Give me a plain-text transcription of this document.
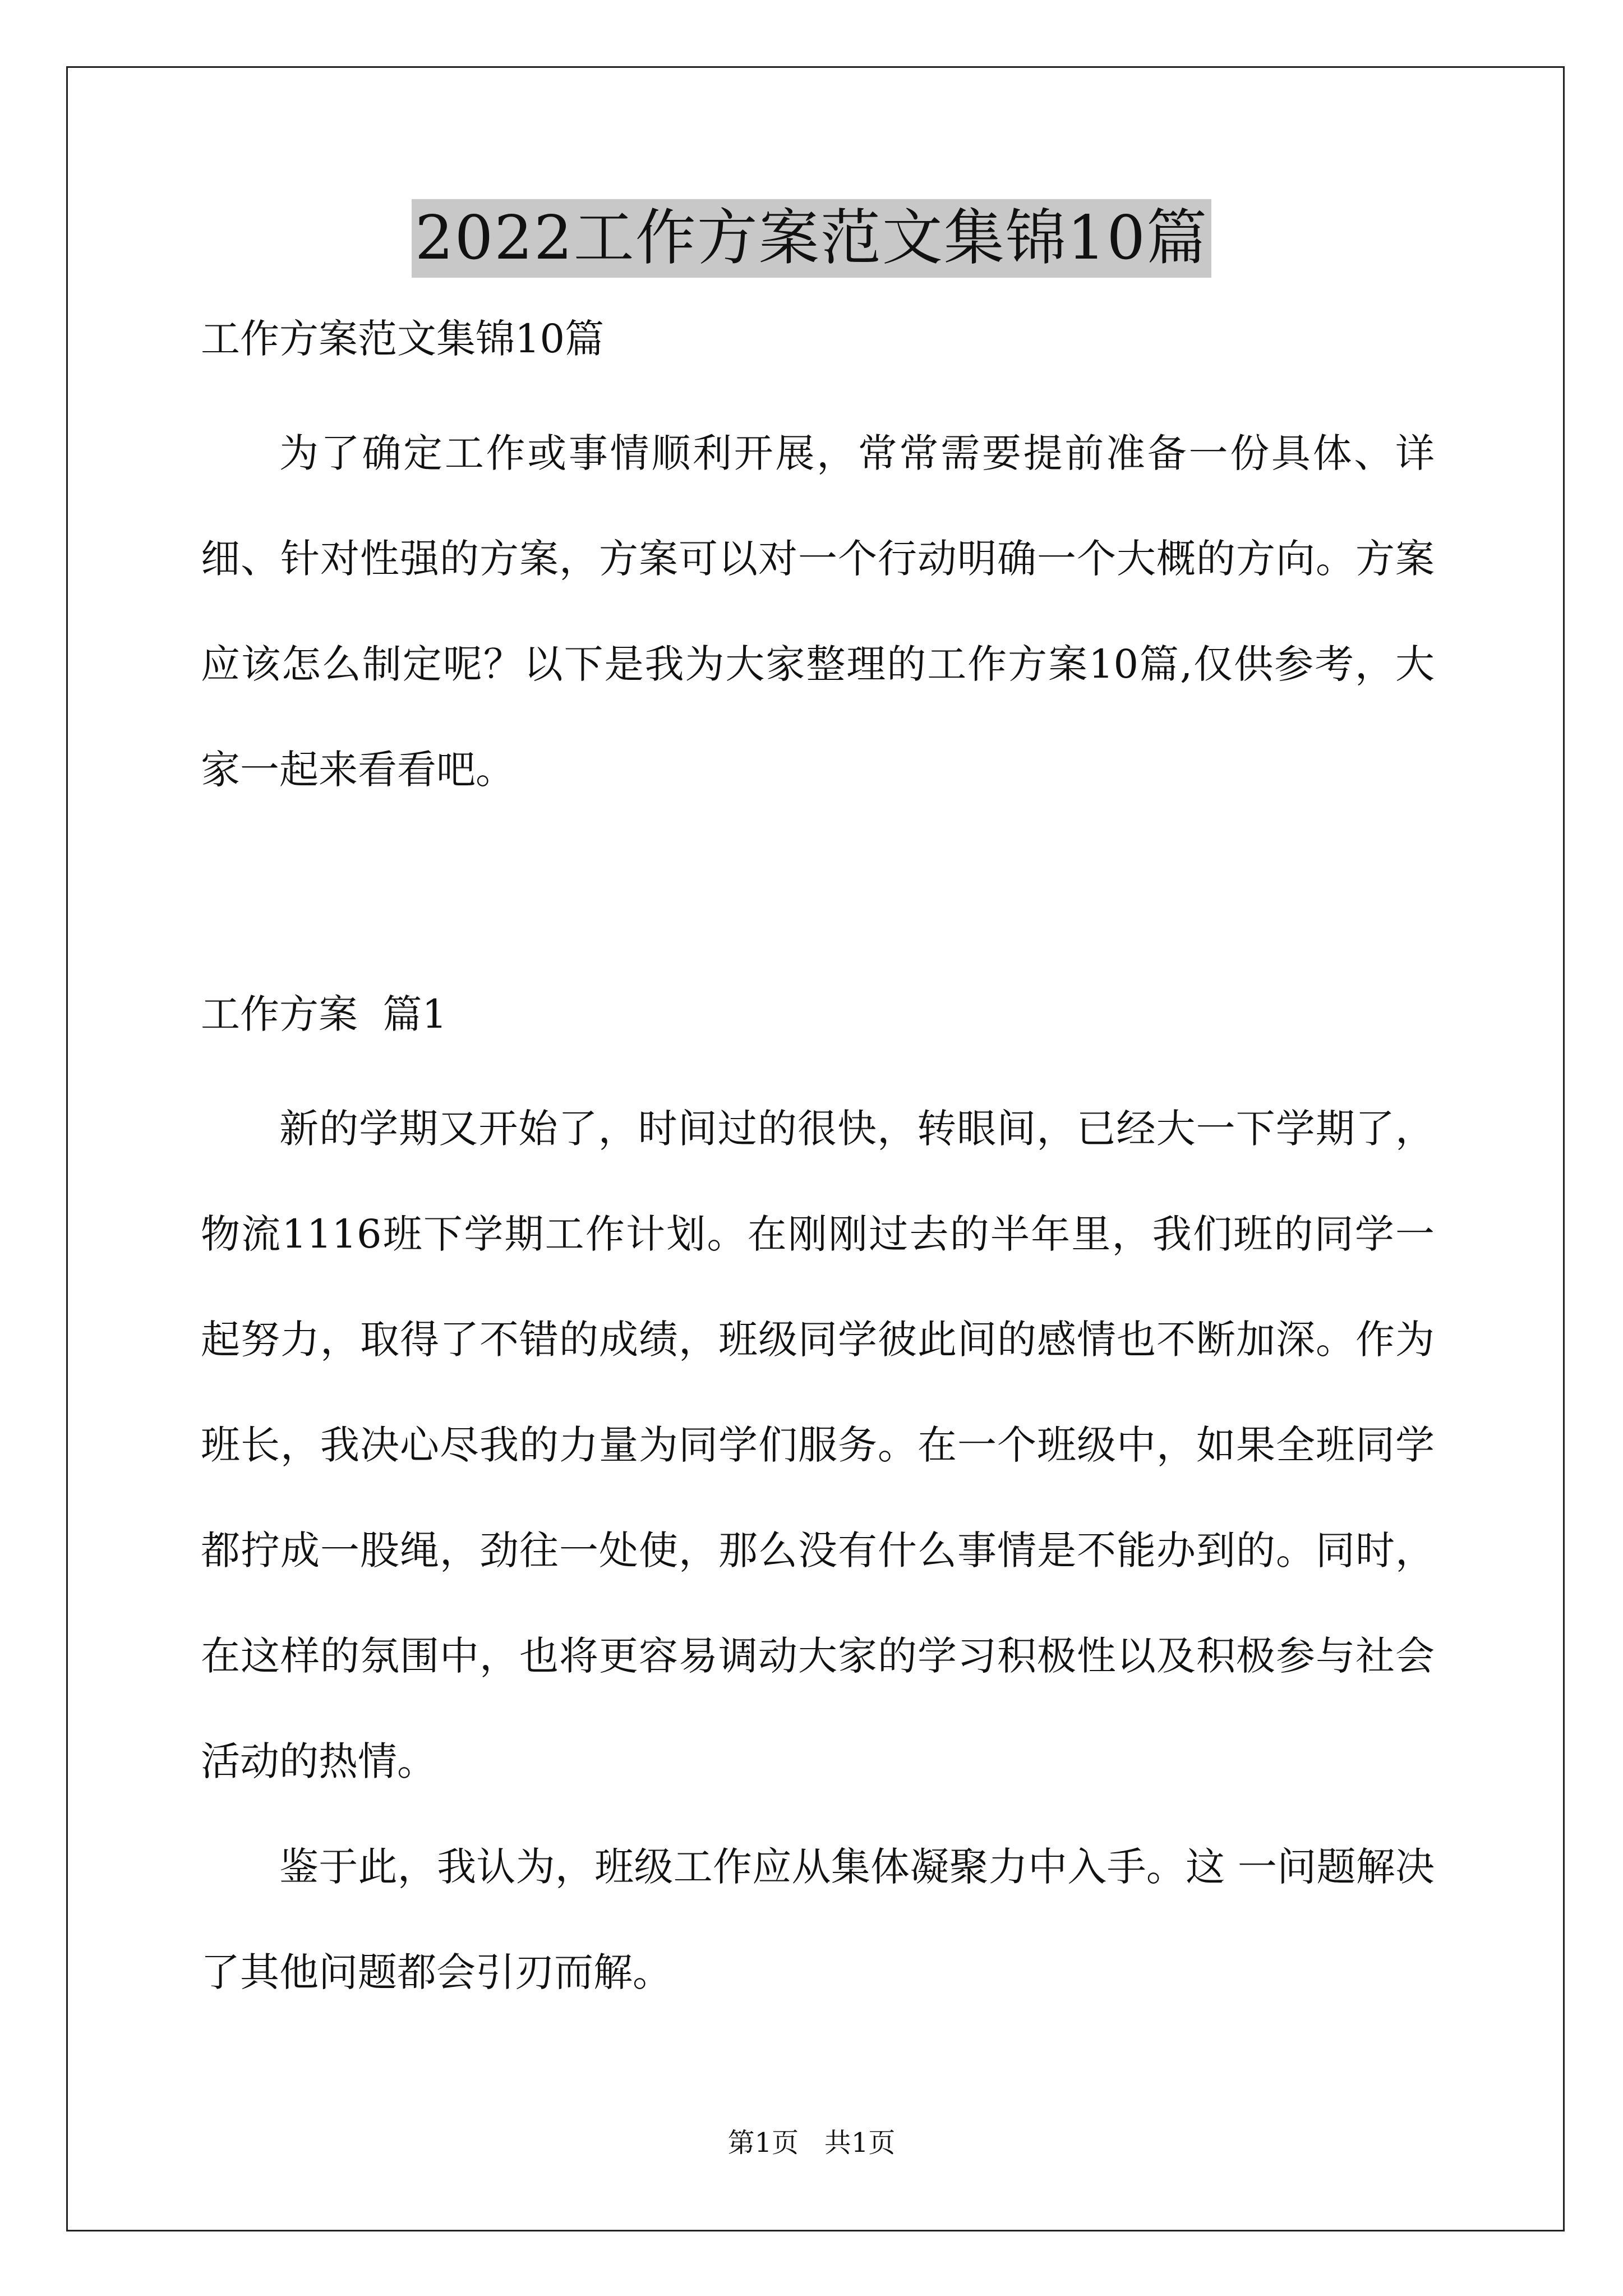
2022工作方案范文集锦10篇

工作方案范文集锦10篇

为了确定工作或事情顺利开展，常常需要提前准备一份具体、详细、针对性强的方案，方案可以对一个行动明确一个大概的方向。方案应该怎么制定呢？以下是我为大家整理的工作方案10篇,仅供参考，大家一起来看看吧。

工作方案  篇1

新的学期又开始了，时间过的很快，转眼间，已经大一下学期了，物流1116班下学期工作计划。在刚刚过去的半年里，我们班的同学一起努力，取得了不错的成绩，班级同学彼此间的感情也不断加深。作为班长，我决心尽我的力量为同学们服务。在一个班级中，如果全班同学都拧成一股绳，劲往一处使，那么没有什么事情是不能办到的。同时，在这样的氛围中，也将更容易调动大家的学习积极性以及积极参与社会活动的热情。

鉴于此，我认为，班级工作应从集体凝聚力中入手。这 一问题解决了其他问题都会引刃而解。

第1页   共1页
